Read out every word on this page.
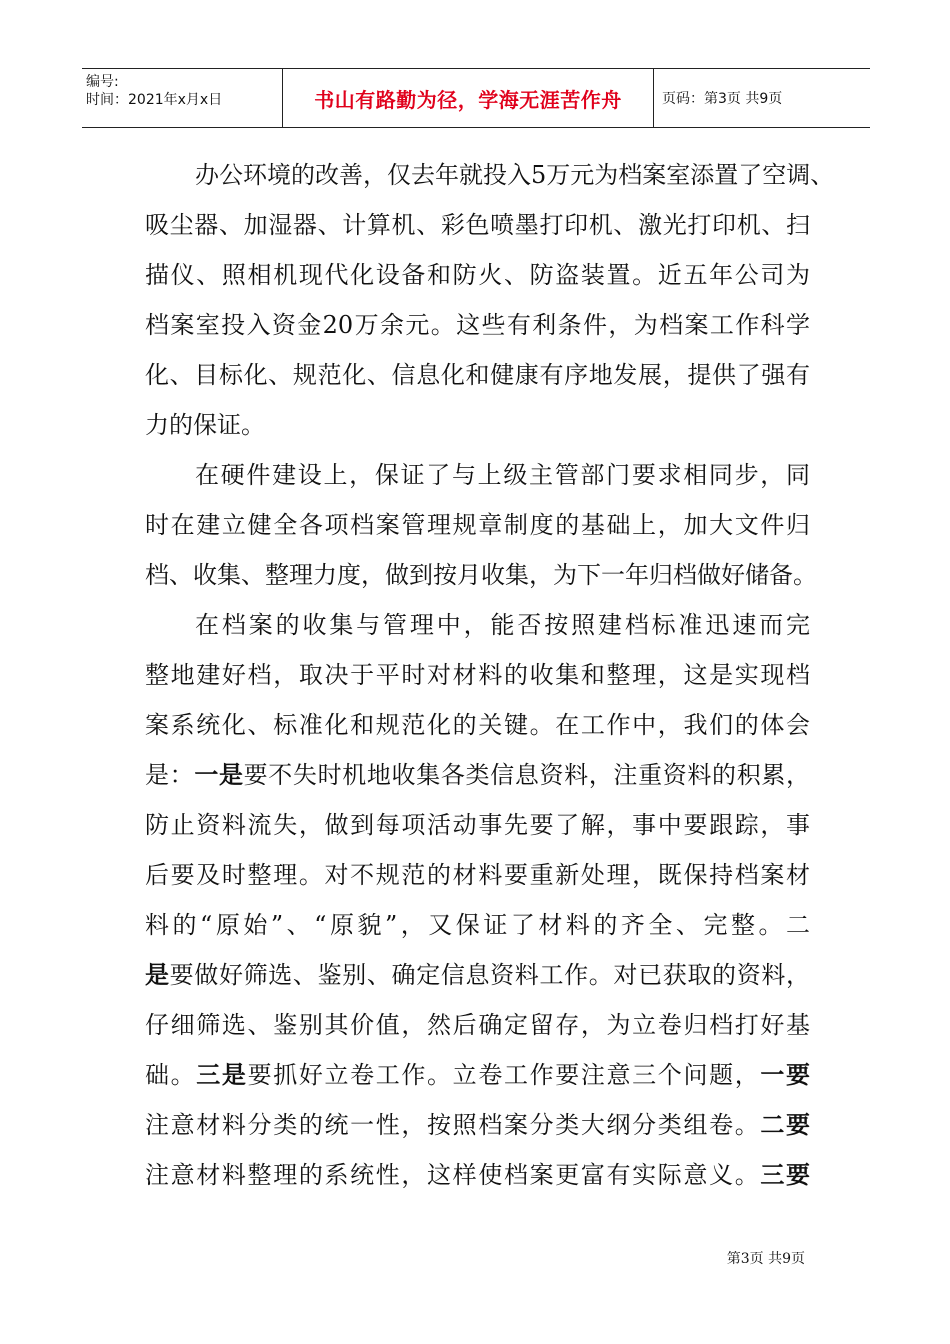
编号:
时间：2021年x月x日	书山有路勤为径，学海无涯苦作舟	页码：第3页 共9页
办公环境的改善，仅去年就投入5万元为档案室添置了空调、
吸尘器、加湿器、计算机、彩色喷墨打印机、激光打印机、扫
描仪、照相机现代化设备和防火、防盗装置。近五年公司为
档案室投入资金20万余元。这些有利条件，为档案工作科学
化、目标化、规范化、信息化和健康有序地发展，提供了强有
力的保证。
在硬件建设上，保证了与上级主管部门要求相同步，同
时在建立健全各项档案管理规章制度的基础上，加大文件归
档、收集、整理力度，做到按月收集，为下一年归档做好储备。
在档案的收集与管理中，能否按照建档标准迅速而完
整地建好档，取决于平时对材料的收集和整理，这是实现档
案系统化、标准化和规范化的关键。在工作中，我们的体会
是：一是要不失时机地收集各类信息资料，注重资料的积累，
防止资料流失，做到每项活动事先要了解，事中要跟踪，事
后要及时整理。对不规范的材料要重新处理，既保持档案材
料的“原始”、“原貌”，又保证了材料的齐全、完整。二
是要做好筛选、鉴别、确定信息资料工作。对已获取的资料，
仔细筛选、鉴别其价值，然后确定留存，为立卷归档打好基
础。三是要抓好立卷工作。立卷工作要注意三个问题，一要
注意材料分类的统一性，按照档案分类大纲分类组卷。二要
注意材料整理的系统性，这样使档案更富有实际意义。三要
第3页 共9页
